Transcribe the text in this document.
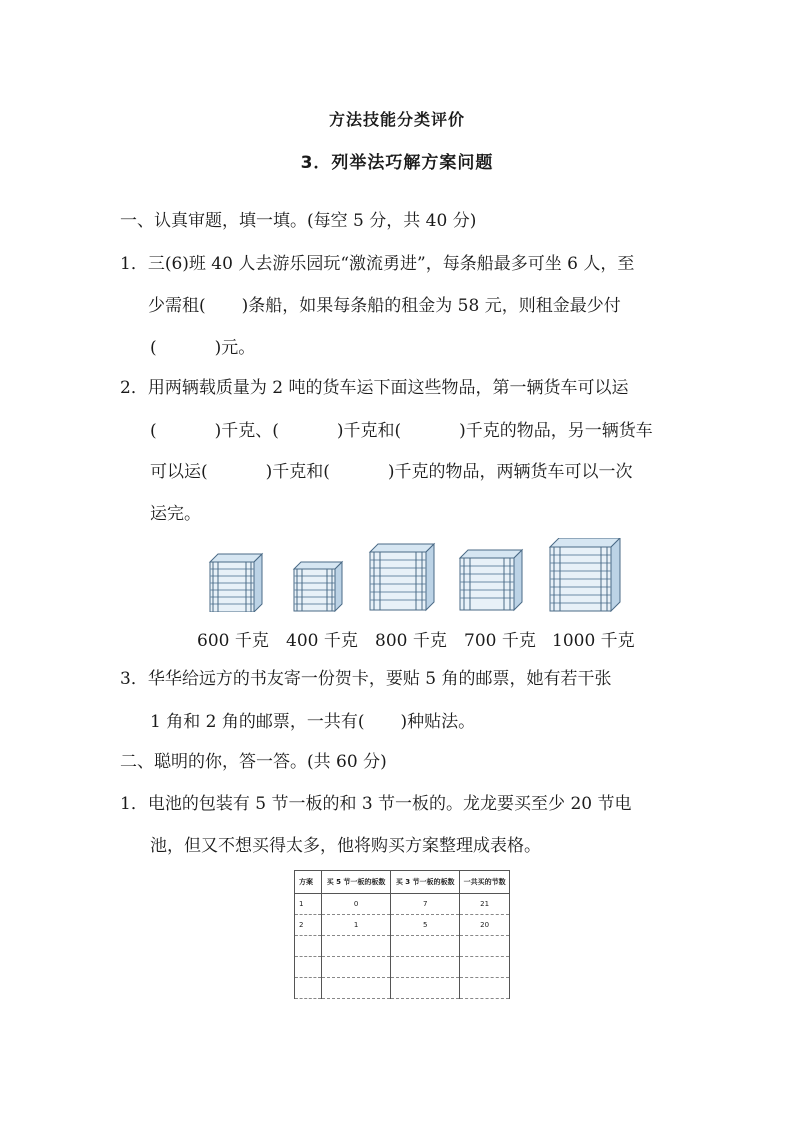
方法技能分类评价
3．列举法巧解方案问题
一、认真审题，填一填。(每空 5 分，共 40 分)
1．三(6)班 40 人去游乐园玩“激流勇进”，每条船最多可坐 6 人，至
少需租( )条船，如果每条船的租金为 58 元，则租金最少付
(	)元。
2．用两辆载质量为 2 吨的货车运下面这些物品，第一辆货车可以运
(	)千克、(	)千克和(	)千克的物品，另一辆货车
可以运(	)千克和(	)千克的物品，两辆货车可以一次
运完。
600 千克 400 千克 800 千克 700 千克 1000 千克
3．华华给远方的书友寄一份贺卡，要贴 5 角的邮票，她有若干张
1 角和 2 角的邮票，一共有( )种贴法。
二、聪明的你，答一答。(共 60 分)
1．电池的包装有 5 节一板的和 3 节一板的。龙龙要买至少 20 节电
池，但又不想买得太多，他将购买方案整理成表格。
方案	买 5 节一板的板数	买 3 节一板的板数	一共买的节数
1	0	7	21
2	1	5	20
